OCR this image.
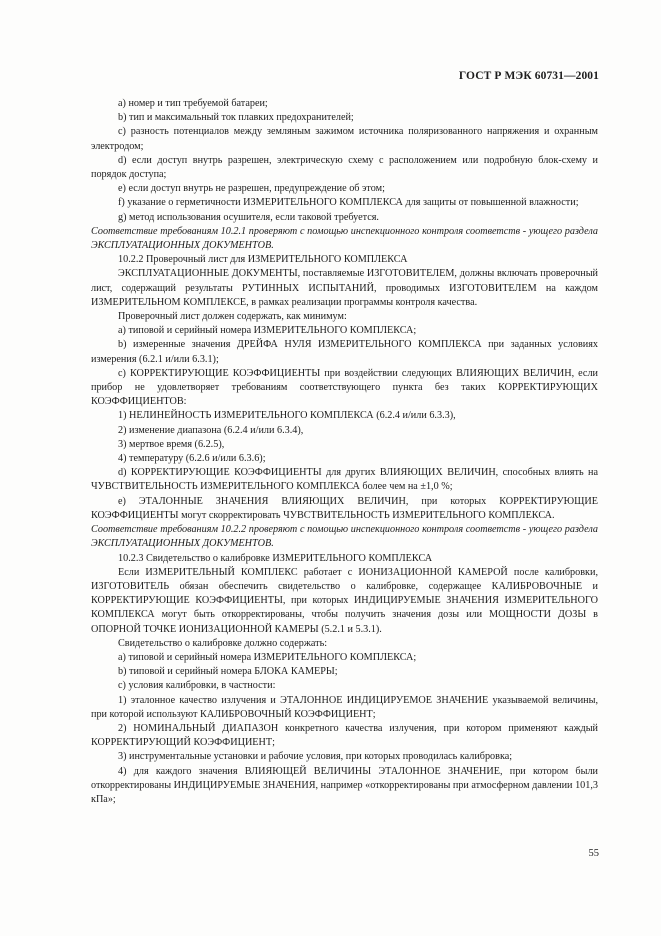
ГОСТ Р МЭК 60731—2001

a) номер и тип требуемой батареи;

b) тип и максимальный ток плавких предохранителей;

c) разность потенциалов между земляным зажимом источника поляризованного напряжения и охранным электродом;

d) если доступ внутрь разрешен, электрическую схему с расположением или подробную блок-схему и порядок доступа;

e) если доступ внутрь не разрешен, предупреждение об этом;

f) указание о герметичности ИЗМЕРИТЕЛЬНОГО КОМПЛЕКСА для защиты от повышенной влажности;

g) метод использования осушителя, если таковой требуется.

Соответствие требованиям 10.2.1 проверяют с помощью инспекционного контроля соответств - ующего раздела ЭКСПЛУАТАЦИОННЫХ ДОКУМЕНТОВ.

10.2.2 Проверочный лист для ИЗМЕРИТЕЛЬНОГО КОМПЛЕКСА

ЭКСПЛУАТАЦИОННЫЕ ДОКУМЕНТЫ, поставляемые ИЗГОТОВИТЕЛЕМ, должны включать проверочный лист, содержащий результаты РУТИННЫХ ИСПЫТАНИЙ, проводимых ИЗГОТОВИТЕЛЕМ на каждом ИЗМЕРИТЕЛЬНОМ КОМПЛЕКСЕ, в рамках реализации программы контроля качества.

Проверочный лист должен содержать, как минимум:

a) типовой и серийный номера ИЗМЕРИТЕЛЬНОГО КОМПЛЕКСА;

b) измеренные значения ДРЕЙФА НУЛЯ ИЗМЕРИТЕЛЬНОГО КОМПЛЕКСА при заданных условиях измерения (6.2.1 и/или 6.3.1);

c) КОРРЕКТИРУЮЩИЕ КОЭФФИЦИЕНТЫ при воздействии следующих ВЛИЯЮЩИХ ВЕЛИЧИН, если прибор не удовлетворяет требованиям соответствующего пункта без таких КОРРЕКТИРУЮЩИХ КОЭФФИЦИЕНТОВ:

1) НЕЛИНЕЙНОСТЬ ИЗМЕРИТЕЛЬНОГО КОМПЛЕКСА (6.2.4 и/или 6.3.3),

2) изменение диапазона (6.2.4 и/или 6.3.4),

3) мертвое время (6.2.5),

4) температуру (6.2.6 и/или 6.3.6);

d) КОРРЕКТИРУЮЩИЕ КОЭФФИЦИЕНТЫ для других ВЛИЯЮЩИХ ВЕЛИЧИН, способных влиять на ЧУВСТВИТЕЛЬНОСТЬ ИЗМЕРИТЕЛЬНОГО КОМПЛЕКСА более чем на ±1,0 %;

e) ЭТАЛОННЫЕ ЗНАЧЕНИЯ ВЛИЯЮЩИХ ВЕЛИЧИН, при которых КОРРЕКТИРУЮЩИЕ КОЭФФИЦИЕНТЫ могут скорректировать ЧУВСТВИТЕЛЬНОСТЬ ИЗМЕРИТЕЛЬНОГО КОМПЛЕКСА.

Соответствие требованиям 10.2.2 проверяют с помощью инспекционного контроля соответств - ующего раздела ЭКСПЛУАТАЦИОННЫХ ДОКУМЕНТОВ.

10.2.3 Свидетельство о калибровке ИЗМЕРИТЕЛЬНОГО КОМПЛЕКСА

Если ИЗМЕРИТЕЛЬНЫЙ КОМПЛЕКС работает с ИОНИЗАЦИОННОЙ КАМЕРОЙ после калибровки, ИЗГОТОВИТЕЛЬ обязан обеспечить свидетельство о калибровке, содержащее КАЛИБРОВОЧНЫЕ и КОРРЕКТИРУЮЩИЕ КОЭФФИЦИЕНТЫ, при которых ИНДИЦИРУЕМЫЕ ЗНАЧЕНИЯ ИЗМЕРИТЕЛЬНОГО КОМПЛЕКСА могут быть откорректированы, чтобы получить значения дозы или МОЩНОСТИ ДОЗЫ в ОПОРНОЙ ТОЧКЕ ИОНИЗАЦИОННОЙ КАМЕРЫ (5.2.1 и 5.3.1).

Свидетельство о калибровке должно содержать:

a) типовой и серийный номера ИЗМЕРИТЕЛЬНОГО КОМПЛЕКСА;

b) типовой и серийный номера БЛОКА КАМЕРЫ;

c) условия калибровки, в частности:

1) эталонное качество излучения и ЭТАЛОННОЕ ИНДИЦИРУЕМОЕ ЗНАЧЕНИЕ указываемой величины, при которой используют КАЛИБРОВОЧНЫЙ КОЭФФИЦИЕНТ;

2) НОМИНАЛЬНЫЙ ДИАПАЗОН конкретного качества излучения, при котором применяют каждый КОРРЕКТИРУЮЩИЙ КОЭФФИЦИЕНТ;

3) инструментальные установки и рабочие условия, при которых проводилась калибровка;

4) для каждого значения ВЛИЯЮЩЕЙ ВЕЛИЧИНЫ ЭТАЛОННОЕ ЗНАЧЕНИЕ, при котором были откорректированы ИНДИЦИРУЕМЫЕ ЗНАЧЕНИЯ, например «откорректированы при атмосферном давлении 101,3 кПа»;

55
